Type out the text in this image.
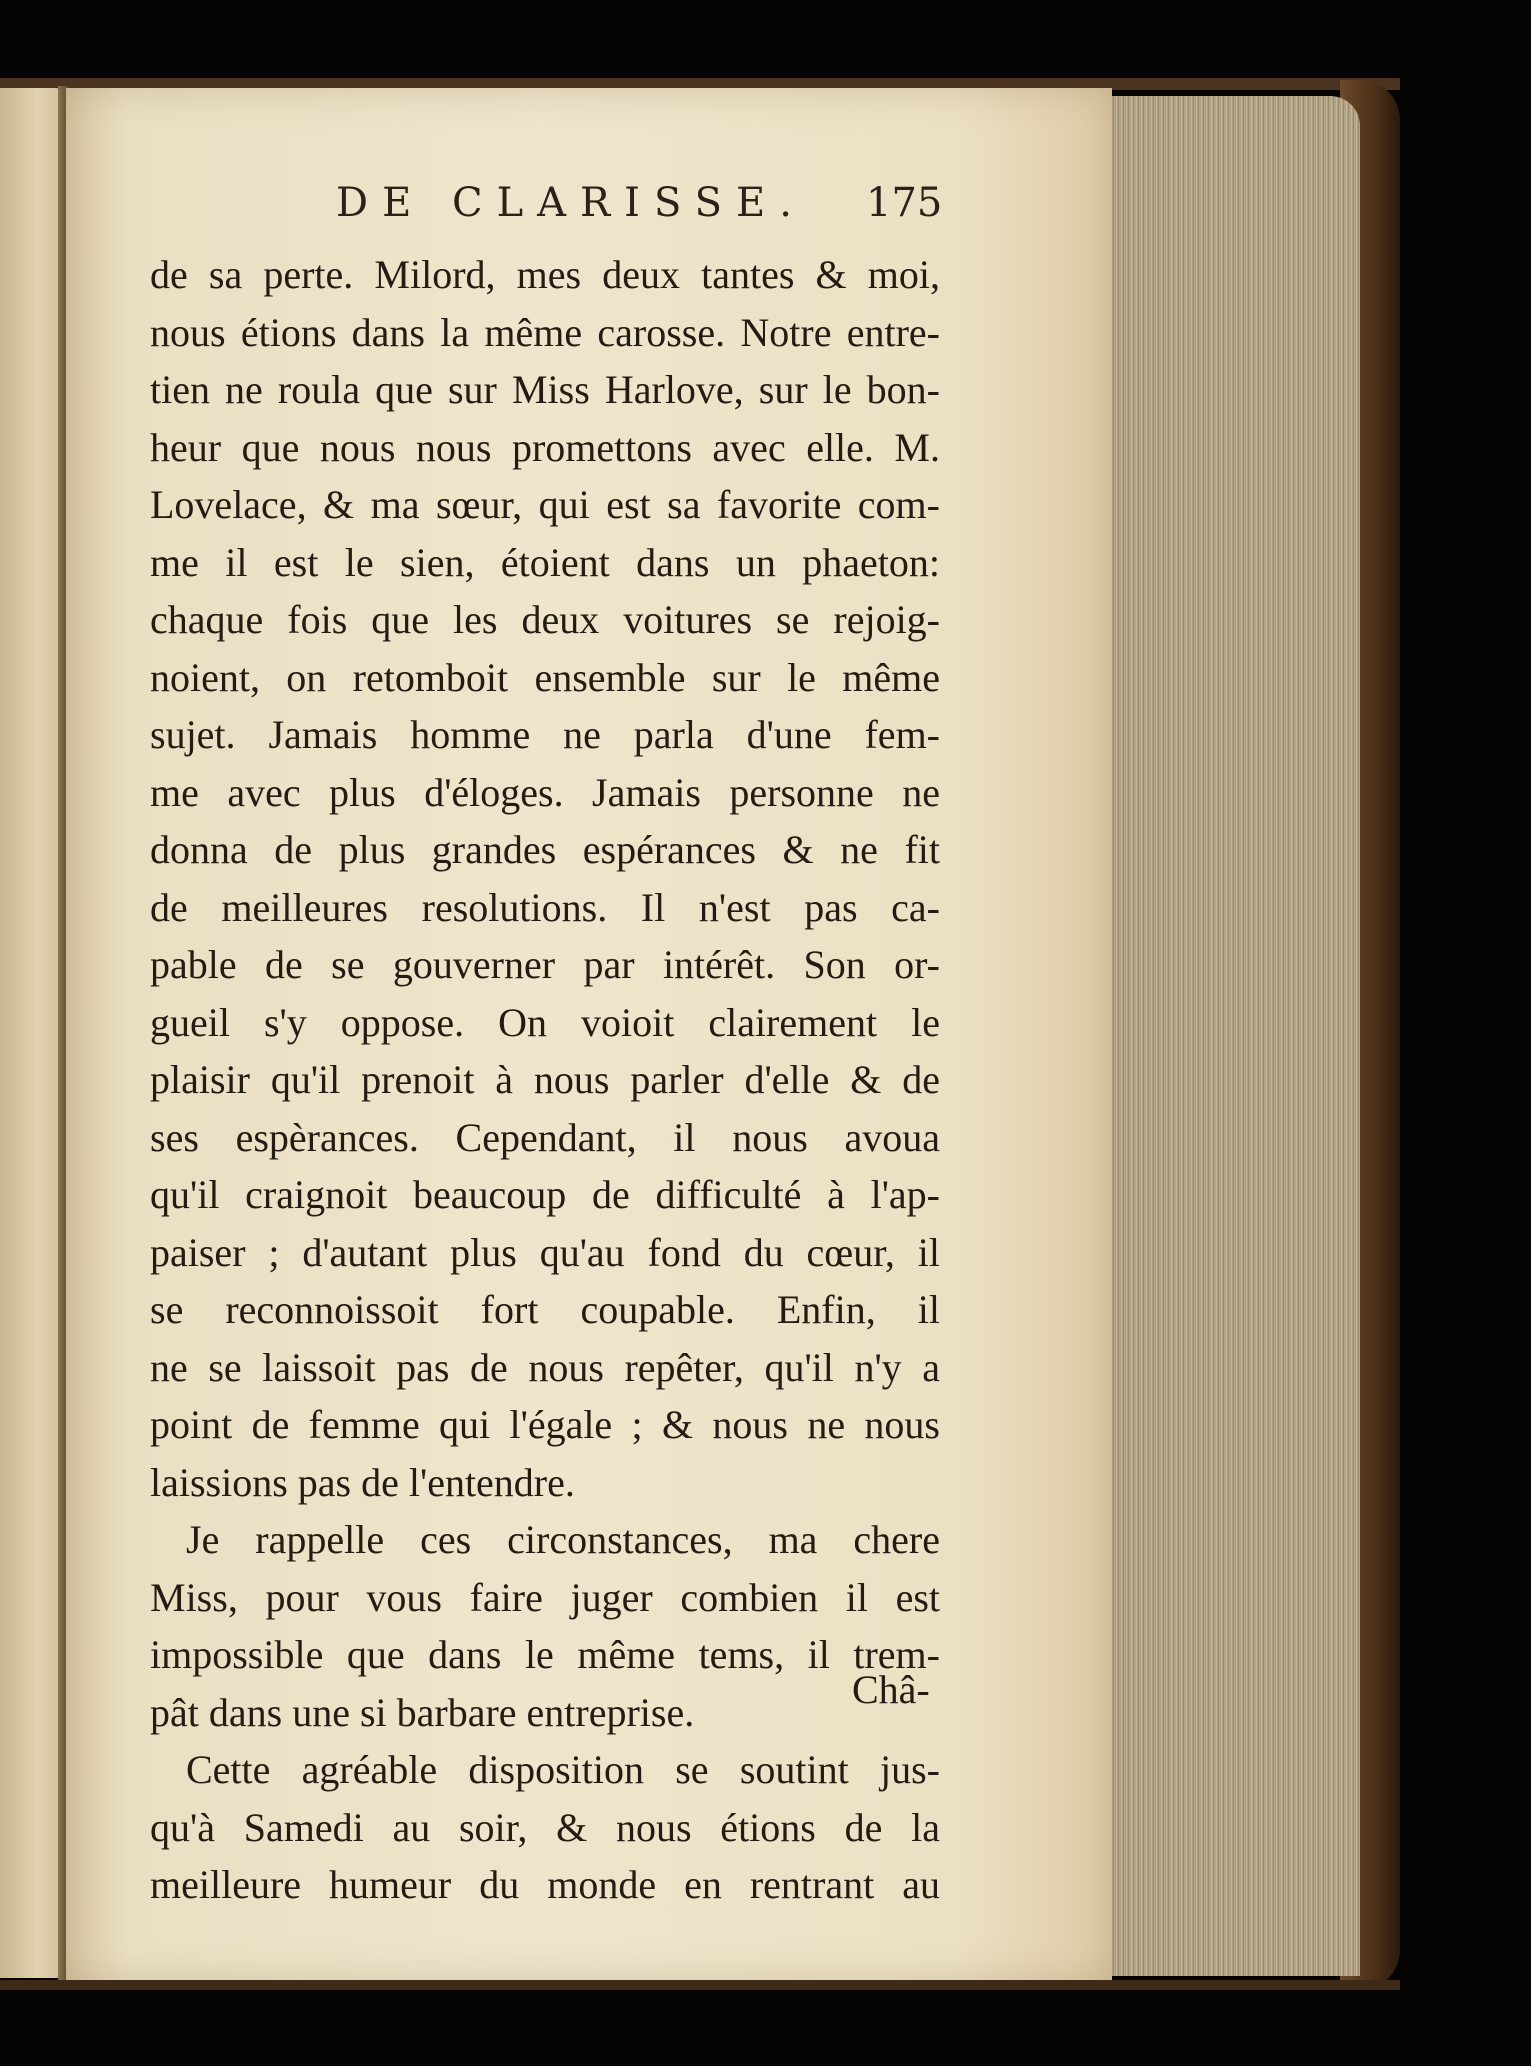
DE CLARISSE. 175
de sa perte. Milord, mes deux tantes & moi,
nous étions dans la même carosse. Notre entre-
tien ne roula que sur Miss Harlove, sur le bon-
heur que nous nous promettons avec elle. M.
Lovelace, & ma sœur, qui est sa favorite com-
me il est le sien, étoient dans un phaeton:
chaque fois que les deux voitures se rejoig-
noient, on retomboit ensemble sur le même
sujet. Jamais homme ne parla d'une fem-
me avec plus d'éloges. Jamais personne ne
donna de plus grandes espérances & ne fit
de meilleures resolutions. Il n'est pas ca-
pable de se gouverner par intérêt. Son or-
gueil s'y oppose. On voioit clairement le
plaisir qu'il prenoit à nous parler d'elle & de
ses espèrances. Cependant, il nous avoua
qu'il craignoit beaucoup de difficulté à l'ap-
paiser ; d'autant plus qu'au fond du cœur, il
se reconnoissoit fort coupable. Enfin, il
ne se laissoit pas de nous repêter, qu'il n'y a
point de femme qui l'égale ; & nous ne nous
laissions pas de l'entendre.
Je rappelle ces circonstances, ma chere
Miss, pour vous faire juger combien il est
impossible que dans le même tems, il trem-
pât dans une si barbare entreprise.
Cette agréable disposition se soutint jus-
qu'à Samedi au soir, & nous étions de la
meilleure humeur du monde en rentrant au
Châ-
